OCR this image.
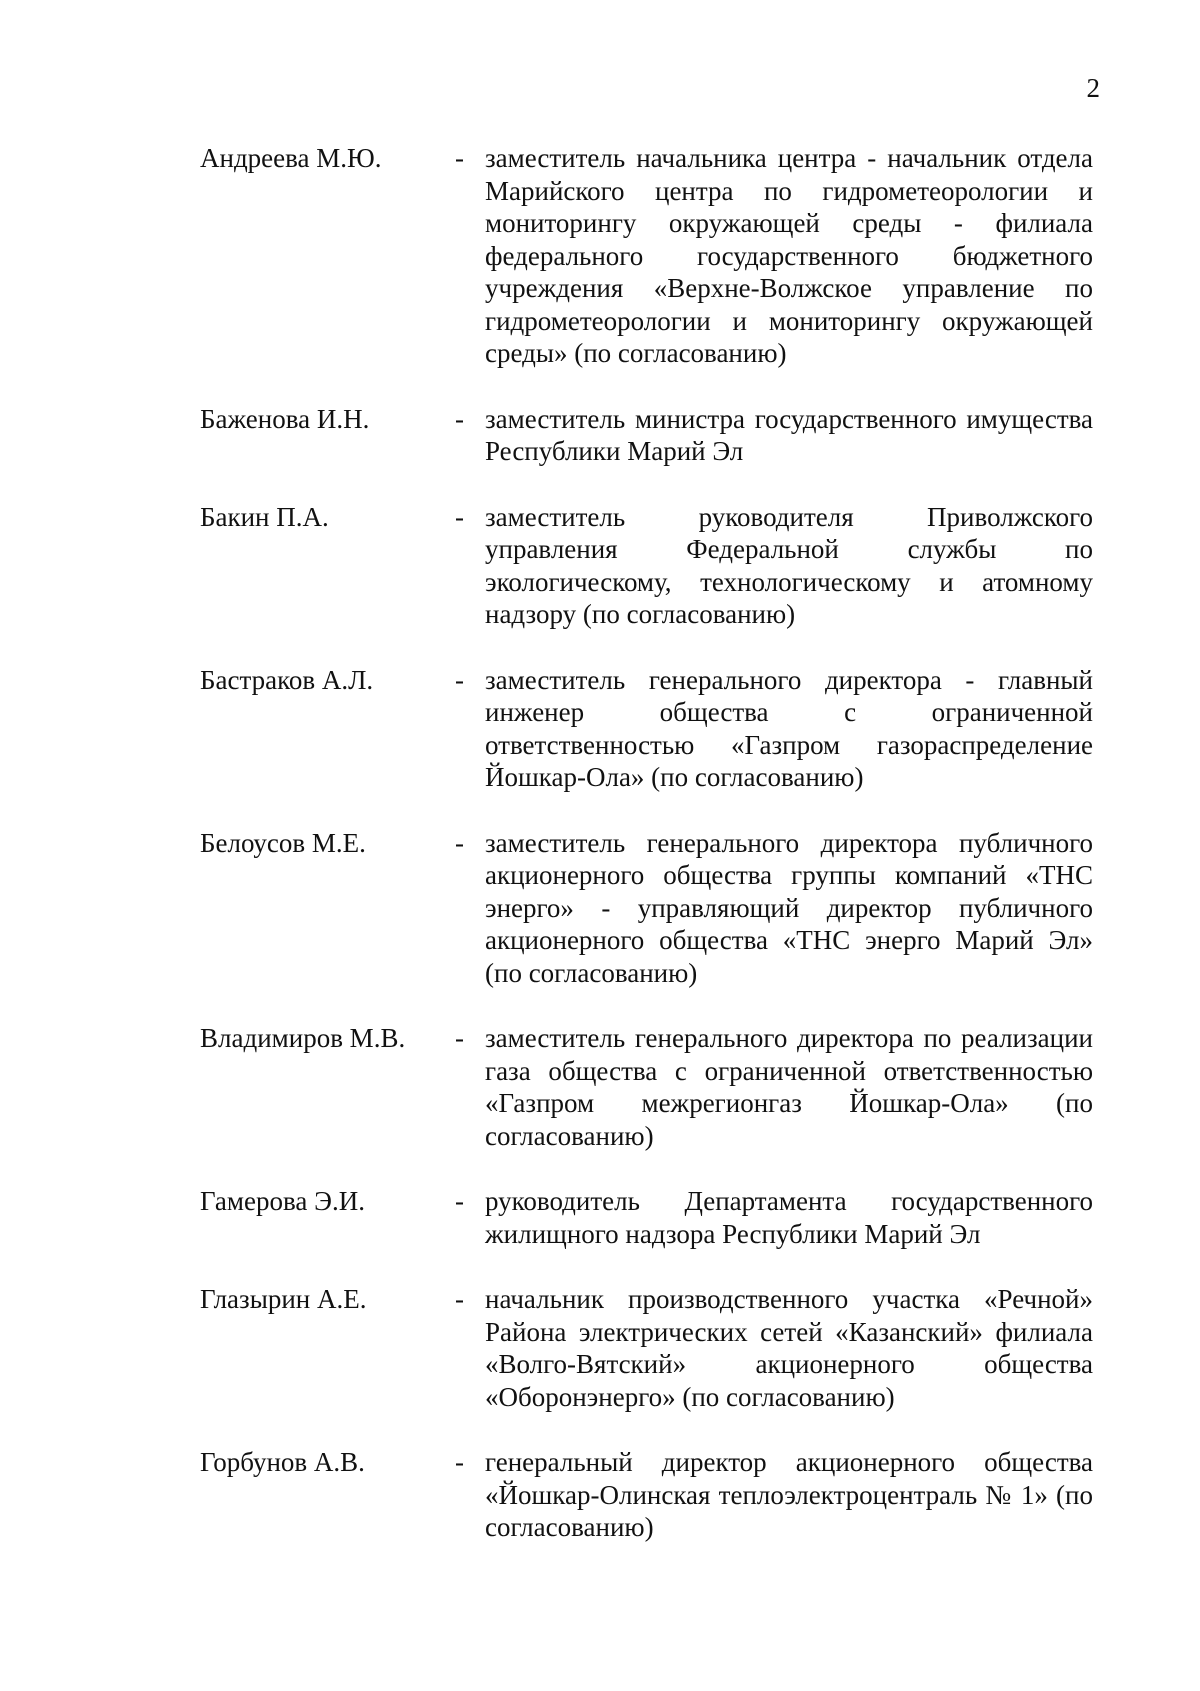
2
Андреева М.Ю.	- заместитель начальника центра - начальник отдела Марийского центра по гидрометеорологии и мониторингу окружающей среды - филиала федерального государственного бюджетного учреждения «Верхне-Волжское управление по гидрометеорологии и мониторингу окружающей среды» (по согласованию)
Баженова И.Н.	- заместитель министра государственного имущества Республики Марий Эл
Бакин П.А.	- заместитель руководителя Приволжского управления Федеральной службы по экологическому, технологическому и атомному надзору (по согласованию)
Бастраков А.Л.	- заместитель генерального директора - главный инженер общества с ограниченной ответственностью «Газпром газораспределение Йошкар-Ола» (по согласованию)
Белоусов М.Е.	- заместитель генерального директора публичного акционерного общества группы компаний «ТНС энерго» - управляющий директор публичного акционерного общества «ТНС энерго Марий Эл» (по согласованию)
Владимиров М.В.	- заместитель генерального директора по реализации газа общества с ограниченной ответственностью «Газпром межрегионгаз Йошкар-Ола» (по согласованию)
Гамерова Э.И.	- руководитель Департамента государственного жилищного надзора Республики Марий Эл
Глазырин А.Е.	- начальник производственного участка «Речной» Района электрических сетей «Казанский» филиала «Волго-Вятский» акционерного общества «Оборонэнерго» (по согласованию)
Горбунов А.В.	- генеральный директор акционерного общества «Йошкар-Олинская теплоэлектроцентраль № 1» (по согласованию)
